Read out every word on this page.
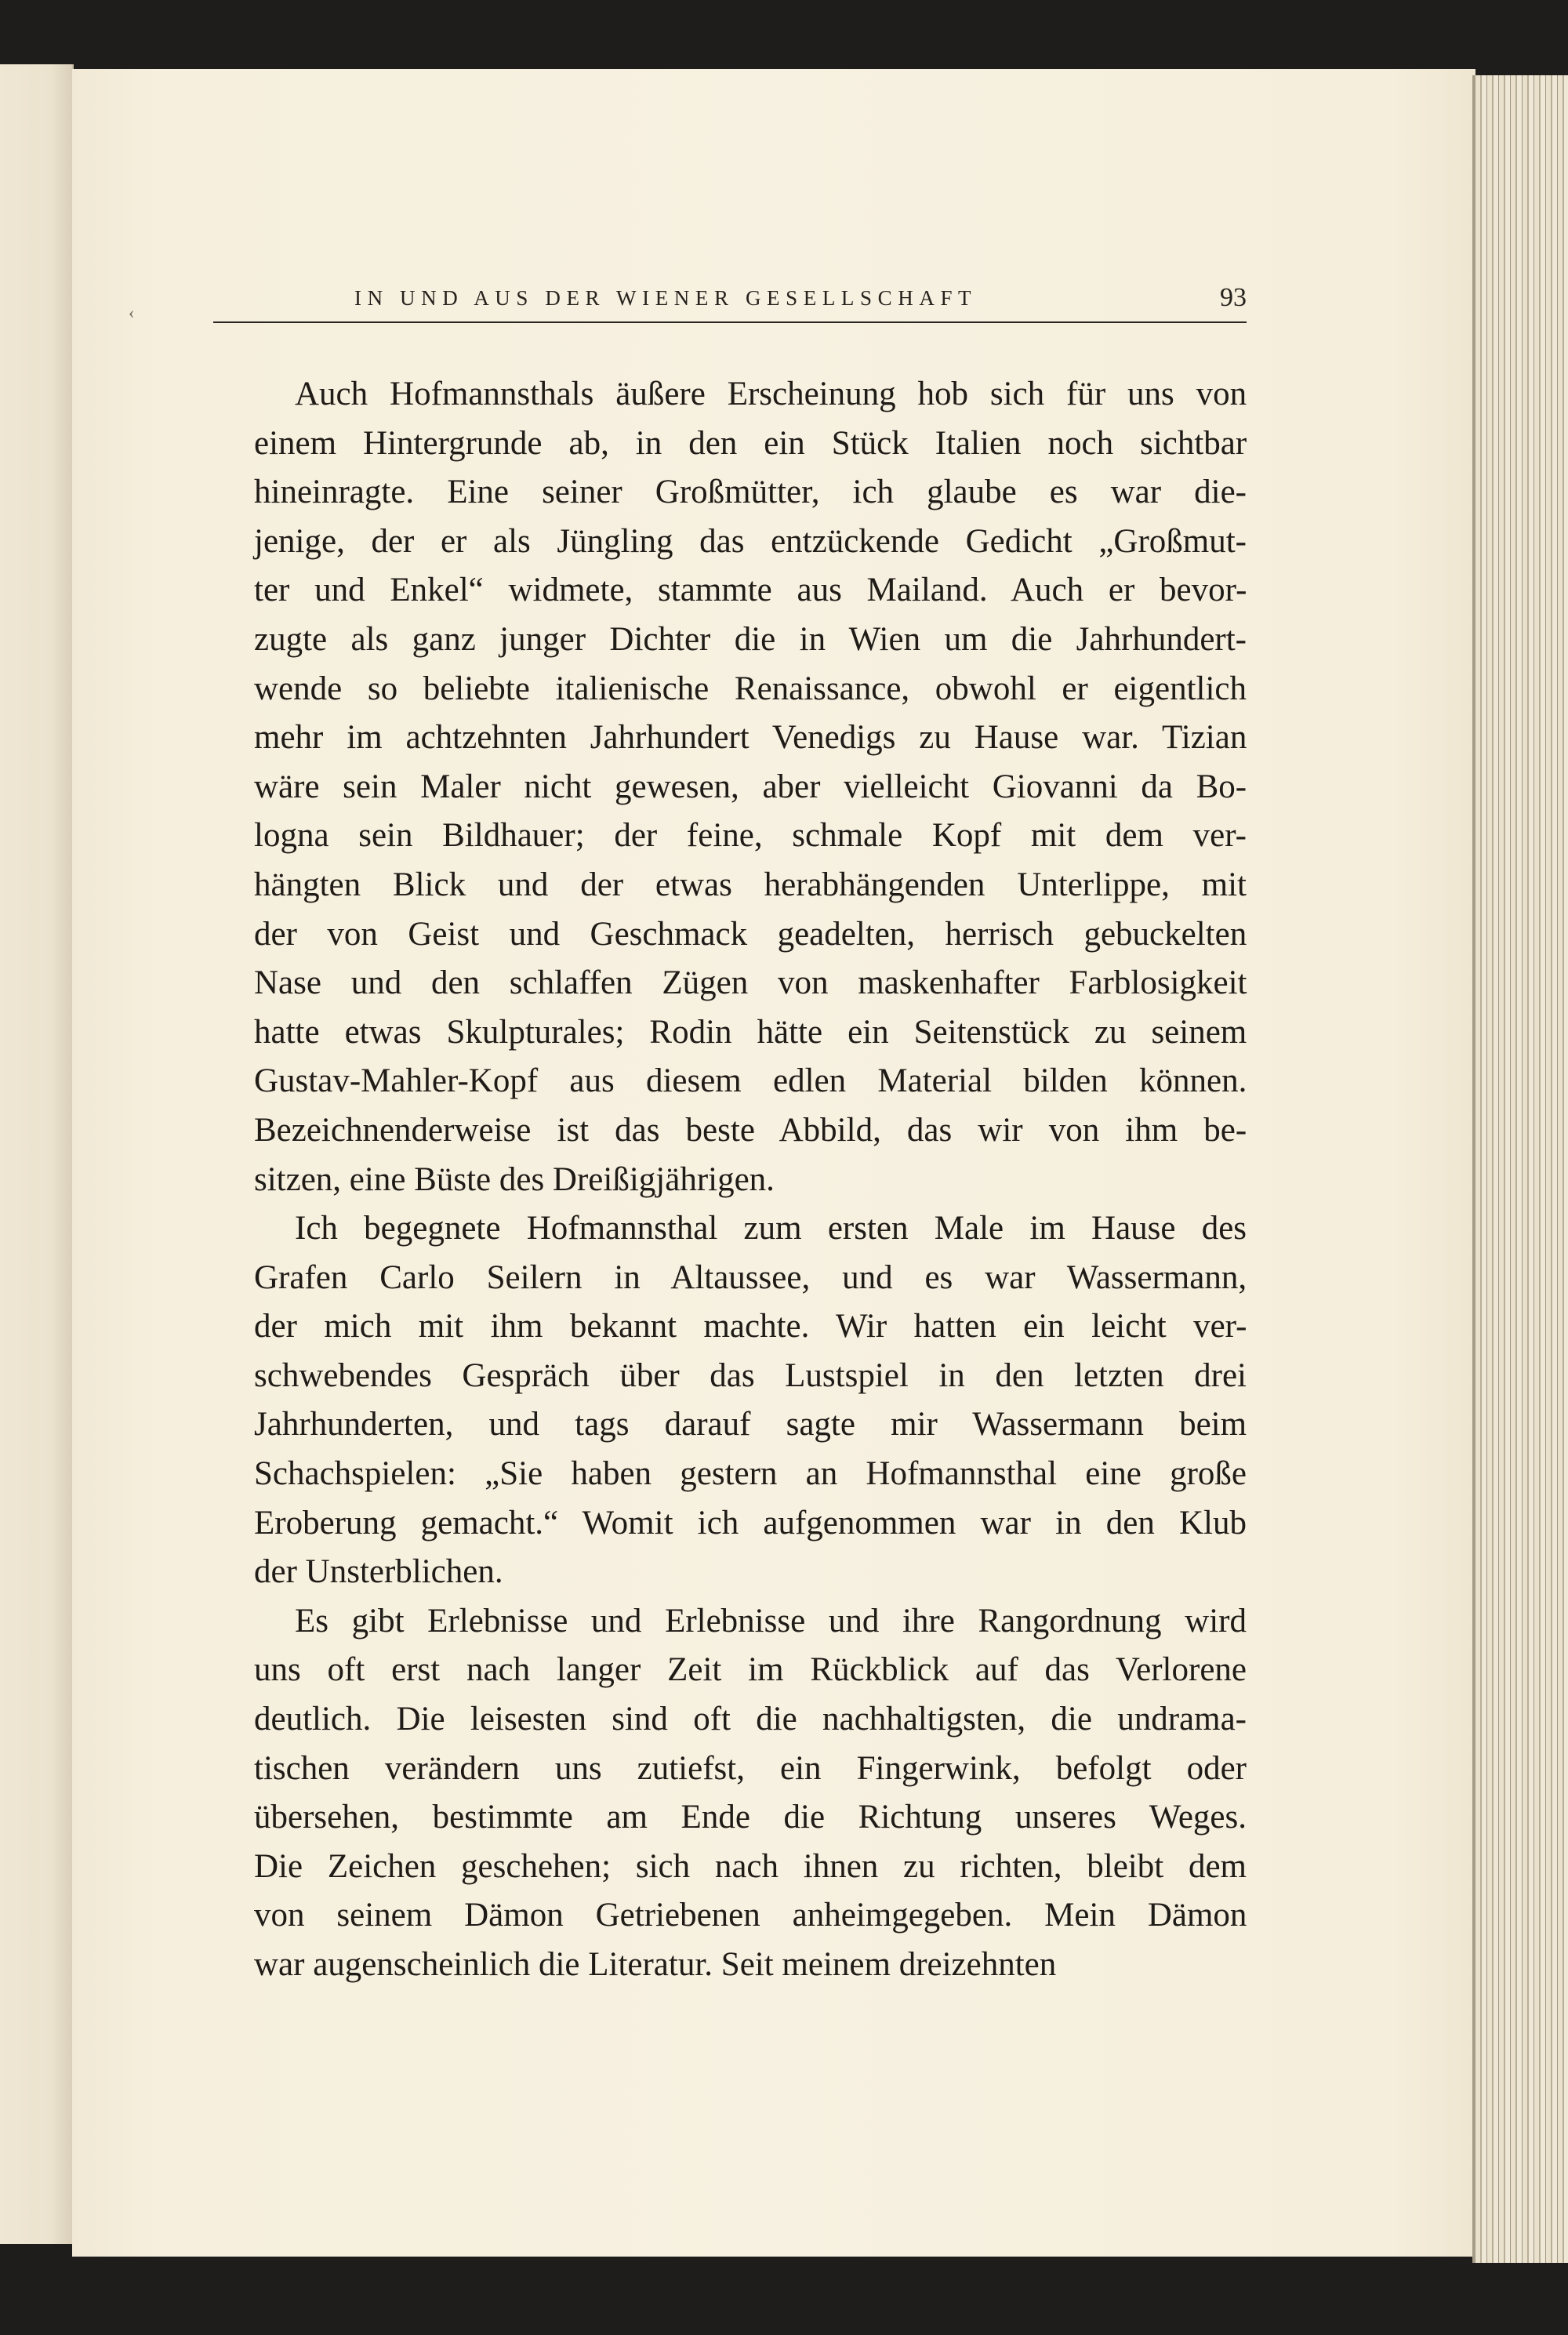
‹
IN UND AUS DER WIENER GESELLSCHAFT	93
Auch Hofmannsthals äußere Erscheinung hob sich für uns von
einem Hintergrunde ab, in den ein Stück Italien noch sichtbar
hineinragte. Eine seiner Großmütter, ich glaube es war die-
jenige, der er als Jüngling das entzückende Gedicht „Großmut-
ter und Enkel“ widmete, stammte aus Mailand. Auch er bevor-
zugte als ganz junger Dichter die in Wien um die Jahrhundert-
wende so beliebte italienische Renaissance, obwohl er eigentlich
mehr im achtzehnten Jahrhundert Venedigs zu Hause war. Tizian
wäre sein Maler nicht gewesen, aber vielleicht Giovanni da Bo-
logna sein Bildhauer; der feine, schmale Kopf mit dem ver-
hängten Blick und der etwas herabhängenden Unterlippe, mit
der von Geist und Geschmack geadelten, herrisch gebuckelten
Nase und den schlaffen Zügen von maskenhafter Farblosigkeit
hatte etwas Skulpturales; Rodin hätte ein Seitenstück zu seinem
Gustav-Mahler-Kopf aus diesem edlen Material bilden können.
Bezeichnenderweise ist das beste Abbild, das wir von ihm be-
sitzen, eine Büste des Dreißigjährigen.
Ich begegnete Hofmannsthal zum ersten Male im Hause des
Grafen Carlo Seilern in Altaussee, und es war Wassermann,
der mich mit ihm bekannt machte. Wir hatten ein leicht ver-
schwebendes Gespräch über das Lustspiel in den letzten drei
Jahrhunderten, und tags darauf sagte mir Wassermann beim
Schachspielen: „Sie haben gestern an Hofmannsthal eine große
Eroberung gemacht.“ Womit ich aufgenommen war in den Klub
der Unsterblichen.
Es gibt Erlebnisse und Erlebnisse und ihre Rangordnung wird
uns oft erst nach langer Zeit im Rückblick auf das Verlorene
deutlich. Die leisesten sind oft die nachhaltigsten, die undrama-
tischen verändern uns zutiefst, ein Fingerwink, befolgt oder
übersehen, bestimmte am Ende die Richtung unseres Weges.
Die Zeichen geschehen; sich nach ihnen zu richten, bleibt dem
von seinem Dämon Getriebenen anheimgegeben. Mein Dämon
war augenscheinlich die Literatur. Seit meinem dreizehnten
